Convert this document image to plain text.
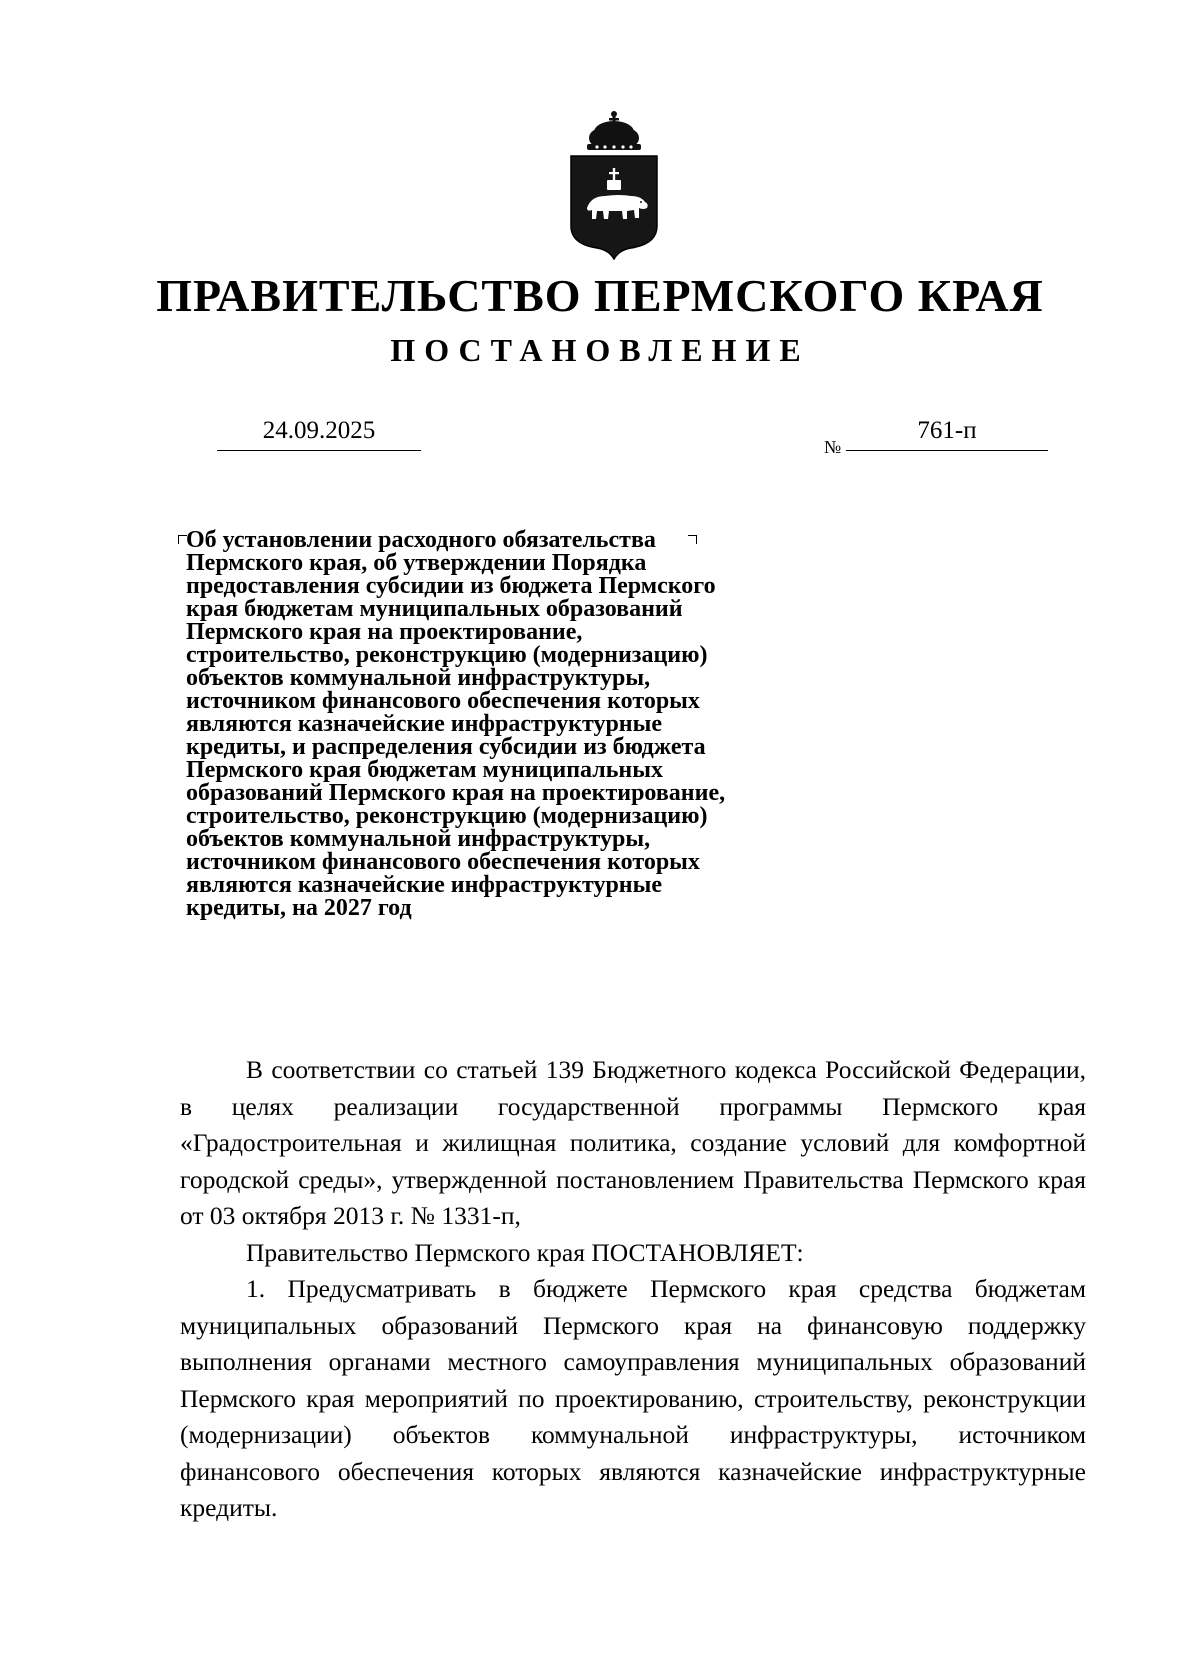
ПРАВИТЕЛЬСТВО ПЕРМСКОГО КРАЯ
ПОСТАНОВЛЕНИЕ
24.09.2025
№
761-п
Об установлении расходного обязательства
Пермского края, об утверждении Порядка
предоставления субсидии из бюджета Пермского
края бюджетам муниципальных образований
Пермского края на проектирование,
строительство, реконструкцию (модернизацию)
объектов коммунальной инфраструктуры,
источником финансового обеспечения которых
являются казначейские инфраструктурные
кредиты, и распределения субсидии из бюджета
Пермского края бюджетам муниципальных
образований Пермского края на проектирование,
строительство, реконструкцию (модернизацию)
объектов коммунальной инфраструктуры,
источником финансового обеспечения которых
являются казначейские инфраструктурные
кредиты, на 2027 год

В соответствии со статьей 139 Бюджетного кодекса Российской Федерации, в целях реализации государственной программы Пермского края «Градостроительная и жилищная политика, создание условий для комфортной городской среды», утвержденной постановлением Правительства Пермского края от 03 октября 2013 г. № 1331-п,

Правительство Пермского края ПОСТАНОВЛЯЕТ:

1. Предусматривать в бюджете Пермского края средства бюджетам муниципальных образований Пермского края на финансовую поддержку выполнения органами местного самоуправления муниципальных образований Пермского края мероприятий по проектированию, строительству, реконструкции (модернизации) объектов коммунальной инфраструктуры, источником финансового обеспечения которых являются казначейские инфраструктурные кредиты.
